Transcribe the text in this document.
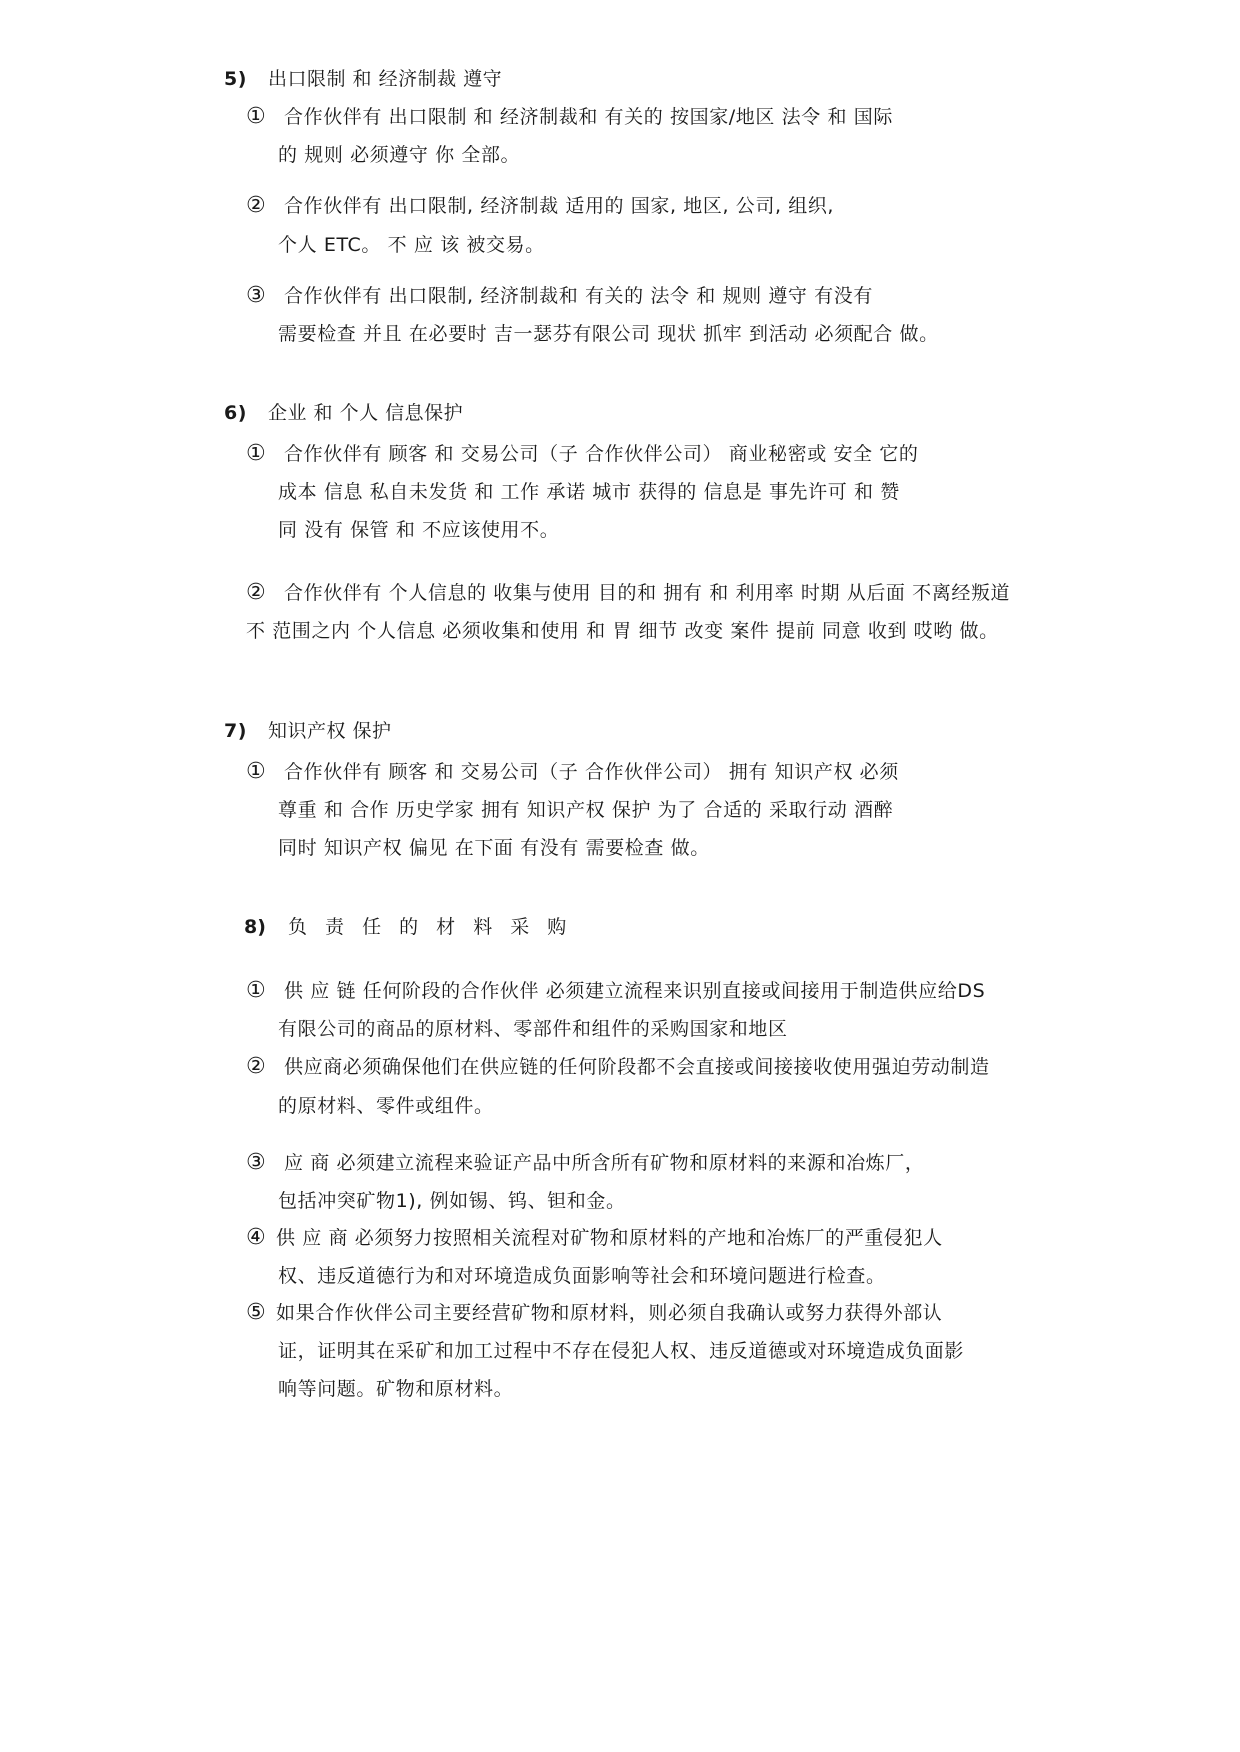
5) 出口限制 和 经济制裁 遵守
① 合作伙伴有 出口限制 和 经济制裁和 有关的 按国家/地区 法令 和 国际
的 规则 必须遵守 你 全部。
② 合作伙伴有 出口限制, 经济制裁 适用的 国家, 地区, 公司, 组织,
个人 ETC。 不 应 该 被交易。
③ 合作伙伴有 出口限制, 经济制裁和 有关的 法令 和 规则 遵守 有没有
需要检查 并且 在必要时 吉一瑟芬有限公司 现状 抓牢 到活动 必须配合 做。
6) 企业 和 个人 信息保护
① 合作伙伴有 顾客 和 交易公司（子 合作伙伴公司） 商业秘密或 安全 它的
成本 信息 私自未发货 和 工作 承诺 城市 获得的 信息是 事先许可 和 赞
同 没有 保管 和 不应该使用不。
② 合作伙伴有 个人信息的 收集与使用 目的和 拥有 和 利用率 时期 从后面 不离经叛道
不 范围之内 个人信息 必须收集和使用 和 胃 细节 改变 案件 提前 同意 收到 哎哟 做。
7) 知识产权 保护
① 合作伙伴有 顾客 和 交易公司（子 合作伙伴公司） 拥有 知识产权 必须
尊重 和 合作 历史学家 拥有 知识产权 保护 为了 合适的 采取行动 酒醉
同时 知识产权 偏见 在下面 有没有 需要检查 做。
8) 负 责 任 的 材 料 采 购
① 供 应 链 任何阶段的合作伙伴 必须建立流程来识别直接或间接用于制造供应给DS
有限公司的商品的原材料、零部件和组件的采购国家和地区
② 供应商必须确保他们在供应链的任何阶段都不会直接或间接接收使用强迫劳动制造
的原材料、零件或组件。
③ 应 商 必须建立流程来验证产品中所含所有矿物和原材料的来源和冶炼厂，
包括冲突矿物1), 例如锡、钨、钽和金。
④ 供 应 商 必须努力按照相关流程对矿物和原材料的产地和冶炼厂的严重侵犯人
权、违反道德行为和对环境造成负面影响等社会和环境问题进行检查。
⑤ 如果合作伙伴公司主要经营矿物和原材料，则必须自我确认或努力获得外部认
证，证明其在采矿和加工过程中不存在侵犯人权、违反道德或对环境造成负面影
响等问题。矿物和原材料。
